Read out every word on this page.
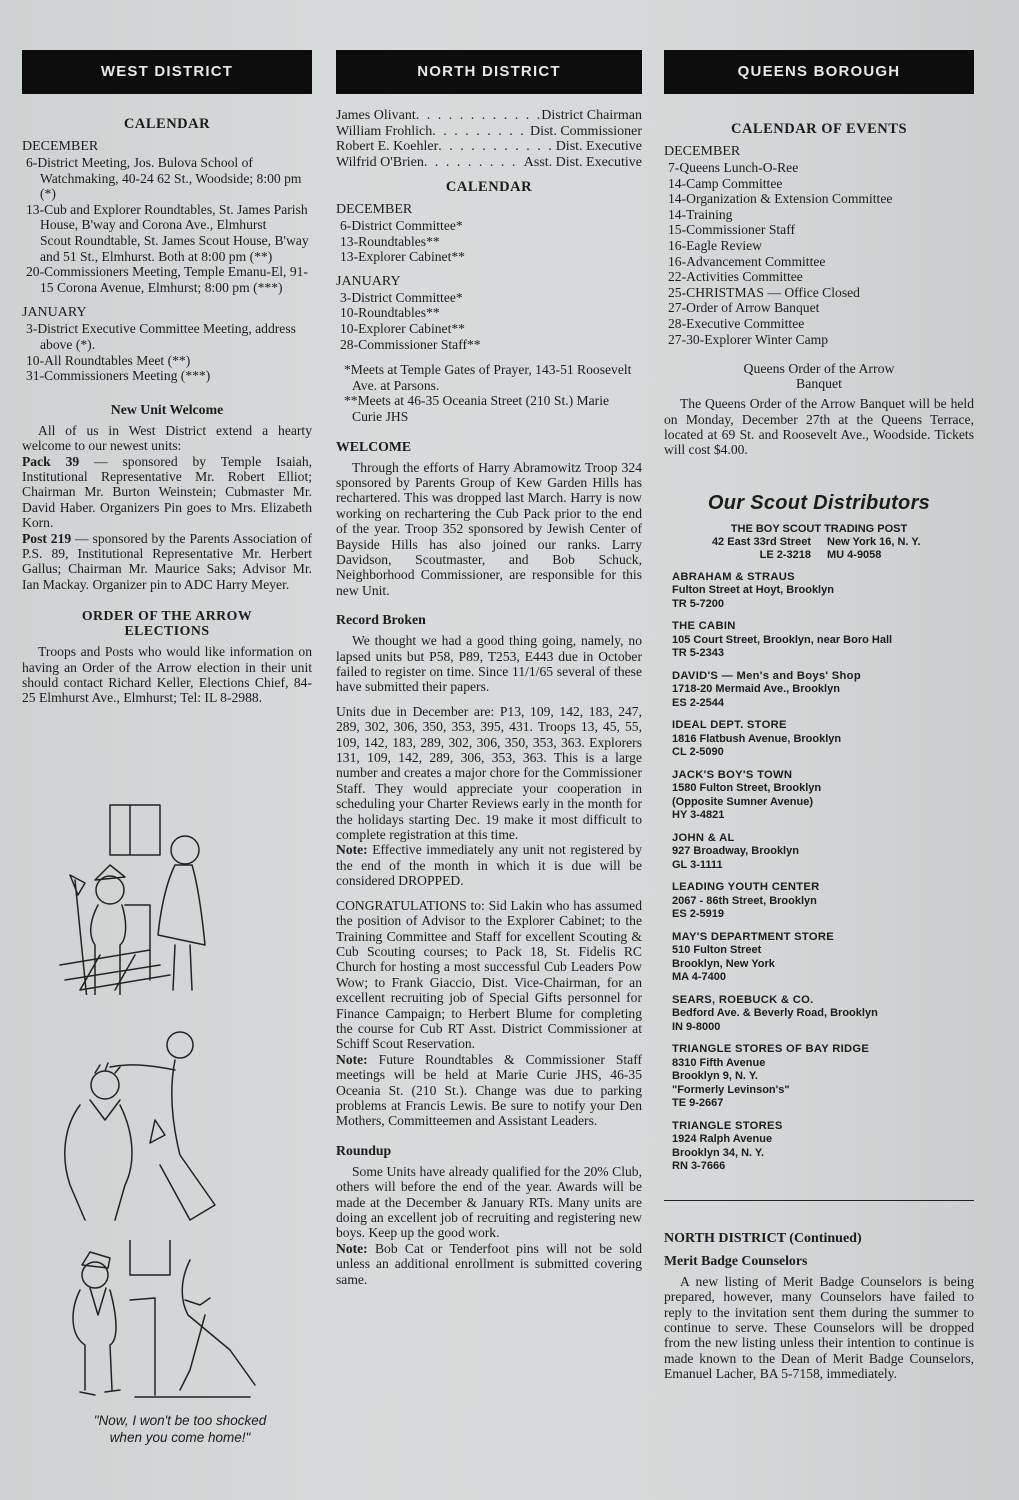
WEST DISTRICT
CALENDAR
DECEMBER
6-District Meeting, Jos. Bulova School of Watchmaking, 40-24 62 St., Woodside; 8:00 pm (*)
13-Cub and Explorer Roundtables, St. James Parish House, B'way and Corona Ave., Elmhurst
Scout Roundtable, St. James Scout House, B'way and 51 St., Elmhurst. Both at 8:00 pm (**)
20-Commissioners Meeting, Temple Emanu-El, 91-15 Corona Avenue, Elmhurst; 8:00 pm (***)
JANUARY
3-District Executive Committee Meeting, address above (*).
10-All Roundtables Meet (**)
31-Commissioners Meeting (***)
New Unit Welcome
All of us in West District extend a hearty welcome to our newest units:
Pack 39 — sponsored by Temple Isaiah, Institutional Representative Mr. Robert Elliot; Chairman Mr. Burton Weinstein; Cubmaster Mr. David Haber. Organizers Pin goes to Mrs. Elizabeth Korn.
Post 219 — sponsored by the Parents Association of P.S. 89, Institutional Representative Mr. Herbert Gallus; Chairman Mr. Maurice Saks; Advisor Mr. Ian Mackay. Organizer pin to ADC Harry Meyer.
ORDER OF THE ARROW
ELECTIONS
Troops and Posts who would like information on having an Order of the Arrow election in their unit should contact Richard Keller, Elections Chief, 84-25 Elmhurst Ave., Elmhurst; Tel: IL 8-2988.
"Now, I won't be too shocked
when you come home!"
NORTH DISTRICT
James Olivant . . .	District Chairman
William Frohlich . . .	Dist. Commissioner
Robert E. Koehler . . .	Dist. Executive
Wilfrid O'Brien . . .	Asst. Dist. Executive
CALENDAR
DECEMBER
6-District Committee*
13-Roundtables**
13-Explorer Cabinet**
JANUARY
3-District Committee*
10-Roundtables**
10-Explorer Cabinet**
28-Commissioner Staff**
*Meets at Temple Gates of Prayer, 143-51 Roosevelt Ave. at Parsons.
**Meets at 46-35 Oceania Street (210 St.) Marie Curie JHS
WELCOME
Through the efforts of Harry Abramowitz Troop 324 sponsored by Parents Group of Kew Garden Hills has rechartered. This was dropped last March. Harry is now working on rechartering the Cub Pack prior to the end of the year. Troop 352 sponsored by Jewish Center of Bayside Hills has also joined our ranks. Larry Davidson, Scoutmaster, and Bob Schuck, Neighborhood Commissioner, are responsible for this new Unit.
Record Broken
We thought we had a good thing going, namely, no lapsed units but P58, P89, T253, E443 due in October failed to register on time. Since 11/1/65 several of these have submitted their papers.
Units due in December are: P13, 109, 142, 183, 247, 289, 302, 306, 350, 353, 395, 431. Troops 13, 45, 55, 109, 142, 183, 289, 302, 306, 350, 353, 363. Explorers 131, 109, 142, 289, 306, 353, 363. This is a large number and creates a major chore for the Commissioner Staff. They would appreciate your cooperation in scheduling your Charter Reviews early in the month for the holidays starting Dec. 19 make it most difficult to complete registration at this time.
Note: Effective immediately any unit not registered by the end of the month in which it is due will be considered DROPPED.
CONGRATULATIONS to: Sid Lakin who has assumed the position of Advisor to the Explorer Cabinet; to the Training Committee and Staff for excellent Scouting & Cub Scouting courses; to Pack 18, St. Fidelis RC Church for hosting a most successful Cub Leaders Pow Wow; to Frank Giaccio, Dist. Vice-Chairman, for an excellent recruiting job of Special Gifts personnel for Finance Campaign; to Herbert Blume for completing the course for Cub RT Asst. District Commissioner at Schiff Scout Reservation.
Note: Future Roundtables & Commissioner Staff meetings will be held at Marie Curie JHS, 46-35 Oceania St. (210 St.). Change was due to parking problems at Francis Lewis. Be sure to notify your Den Mothers, Committeemen and Assistant Leaders.
Roundup
Some Units have already qualified for the 20% Club, others will before the end of the year. Awards will be made at the December & January RTs. Many units are doing an excellent job of recruiting and registering new boys. Keep up the good work.
Note: Bob Cat or Tenderfoot pins will not be sold unless an additional enrollment is submitted covering same.
QUEENS BOROUGH
CALENDAR OF EVENTS
DECEMBER
7-Queens Lunch-O-Ree
14-Camp Committee
14-Organization & Extension Committee
14-Training
15-Commissioner Staff
16-Eagle Review
16-Advancement Committee
22-Activities Committee
25-CHRISTMAS — Office Closed
27-Order of Arrow Banquet
28-Executive Committee
27-30-Explorer Winter Camp
Queens Order of the Arrow
Banquet
The Queens Order of the Arrow Banquet will be held on Monday, December 27th at the Queens Terrace, located at 69 St. and Roosevelt Ave., Woodside. Tickets will cost $4.00.
Our Scout Distributors
THE BOY SCOUT TRADING POST
42 East 33rd Street New York 16, N. Y.
LE 2-3218 MU 4-9058
ABRAHAM & STRAUS
Fulton Street at Hoyt, Brooklyn
TR 5-7200
THE CABIN
105 Court Street, Brooklyn, near Boro Hall
TR 5-2343
DAVID'S — Men's and Boys' Shop
1718-20 Mermaid Ave., Brooklyn
ES 2-2544
IDEAL DEPT. STORE
1816 Flatbush Avenue, Brooklyn
CL 2-5090
JACK'S BOY'S TOWN
1580 Fulton Street, Brooklyn
(Opposite Sumner Avenue)
HY 3-4821
JOHN & AL
927 Broadway, Brooklyn
GL 3-1111
LEADING YOUTH CENTER
2067 - 86th Street, Brooklyn
ES 2-5919
MAY'S DEPARTMENT STORE
510 Fulton Street
Brooklyn, New York
MA 4-7400
SEARS, ROEBUCK & CO.
Bedford Ave. & Beverly Road, Brooklyn
IN 9-8000
TRIANGLE STORES OF BAY RIDGE
8310 Fifth Avenue
Brooklyn 9, N. Y.
"Formerly Levinson's"
TE 9-2667
TRIANGLE STORES
1924 Ralph Avenue
Brooklyn 34, N. Y.
RN 3-7666
NORTH DISTRICT (Continued)
Merit Badge Counselors
A new listing of Merit Badge Counselors is being prepared, however, many Counselors have failed to reply to the invitation sent them during the summer to continue to serve. These Counselors will be dropped from the new listing unless their intention to continue is made known to the Dean of Merit Badge Counselors, Emanuel Lacher, BA 5-7158, immediately.
